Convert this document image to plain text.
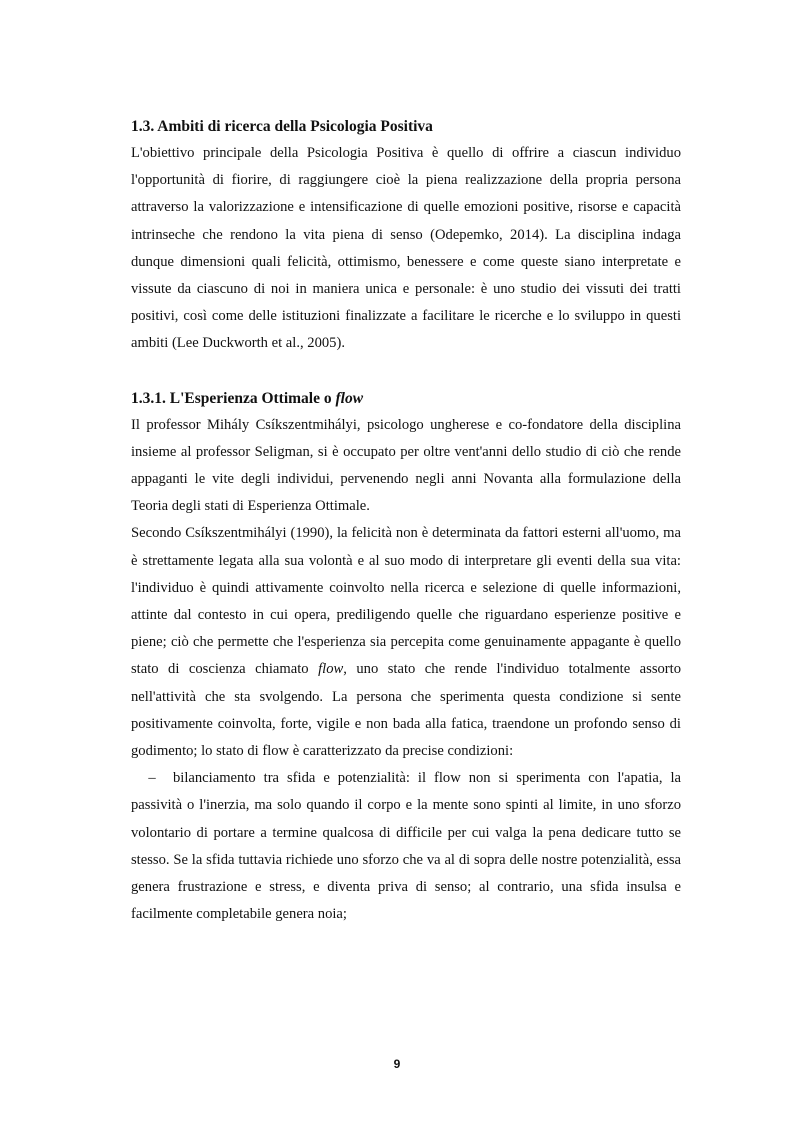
1.3. Ambiti di ricerca della Psicologia Positiva

L'obiettivo principale della Psicologia Positiva è quello di offrire a ciascun individuo l'opportunità di fiorire, di raggiungere cioè la piena realizzazione della propria persona attraverso la valorizzazione e intensificazione di quelle emozioni positive, risorse e capacità intrinseche che rendono la vita piena di senso (Odepemko, 2014). La disciplina indaga dunque dimensioni quali felicità, ottimismo, benessere e come queste siano interpretate e vissute da ciascuno di noi in maniera unica e personale: è uno studio dei vissuti dei tratti positivi, così come delle istituzioni finalizzate a facilitare le ricerche e lo sviluppo in questi ambiti (Lee Duckworth et al., 2005).

1.3.1. L'Esperienza Ottimale o flow

Il professor Mihály Csíkszentmihályi, psicologo ungherese e co-fondatore della disciplina insieme al professor Seligman, si è occupato per oltre vent'anni dello studio di ciò che rende appaganti le vite degli individui, pervenendo negli anni Novanta alla formulazione della Teoria degli stati di Esperienza Ottimale.

Secondo Csíkszentmihályi (1990), la felicità non è determinata da fattori esterni all'uomo, ma è strettamente legata alla sua volontà e al suo modo di interpretare gli eventi della sua vita: l'individuo è quindi attivamente coinvolto nella ricerca e selezione di quelle informazioni, attinte dal contesto in cui opera, prediligendo quelle che riguardano esperienze positive e piene; ciò che permette che l'esperienza sia percepita come genuinamente appagante è quello stato di coscienza chiamato flow, uno stato che rende l'individuo totalmente assorto nell'attività che sta svolgendo. La persona che sperimenta questa condizione si sente positivamente coinvolta, forte, vigile e non bada alla fatica, traendone un profondo senso di godimento; lo stato di flow è caratterizzato da precise condizioni:

– bilanciamento tra sfida e potenzialità: il flow non si sperimenta con l'apatia, la passività o l'inerzia, ma solo quando il corpo e la mente sono spinti al limite, in uno sforzo volontario di portare a termine qualcosa di difficile per cui valga la pena dedicare tutto se stesso. Se la sfida tuttavia richiede uno sforzo che va al di sopra delle nostre potenzialità, essa genera frustrazione e stress, e diventa priva di senso; al contrario, una sfida insulsa e facilmente completabile genera noia;

9
